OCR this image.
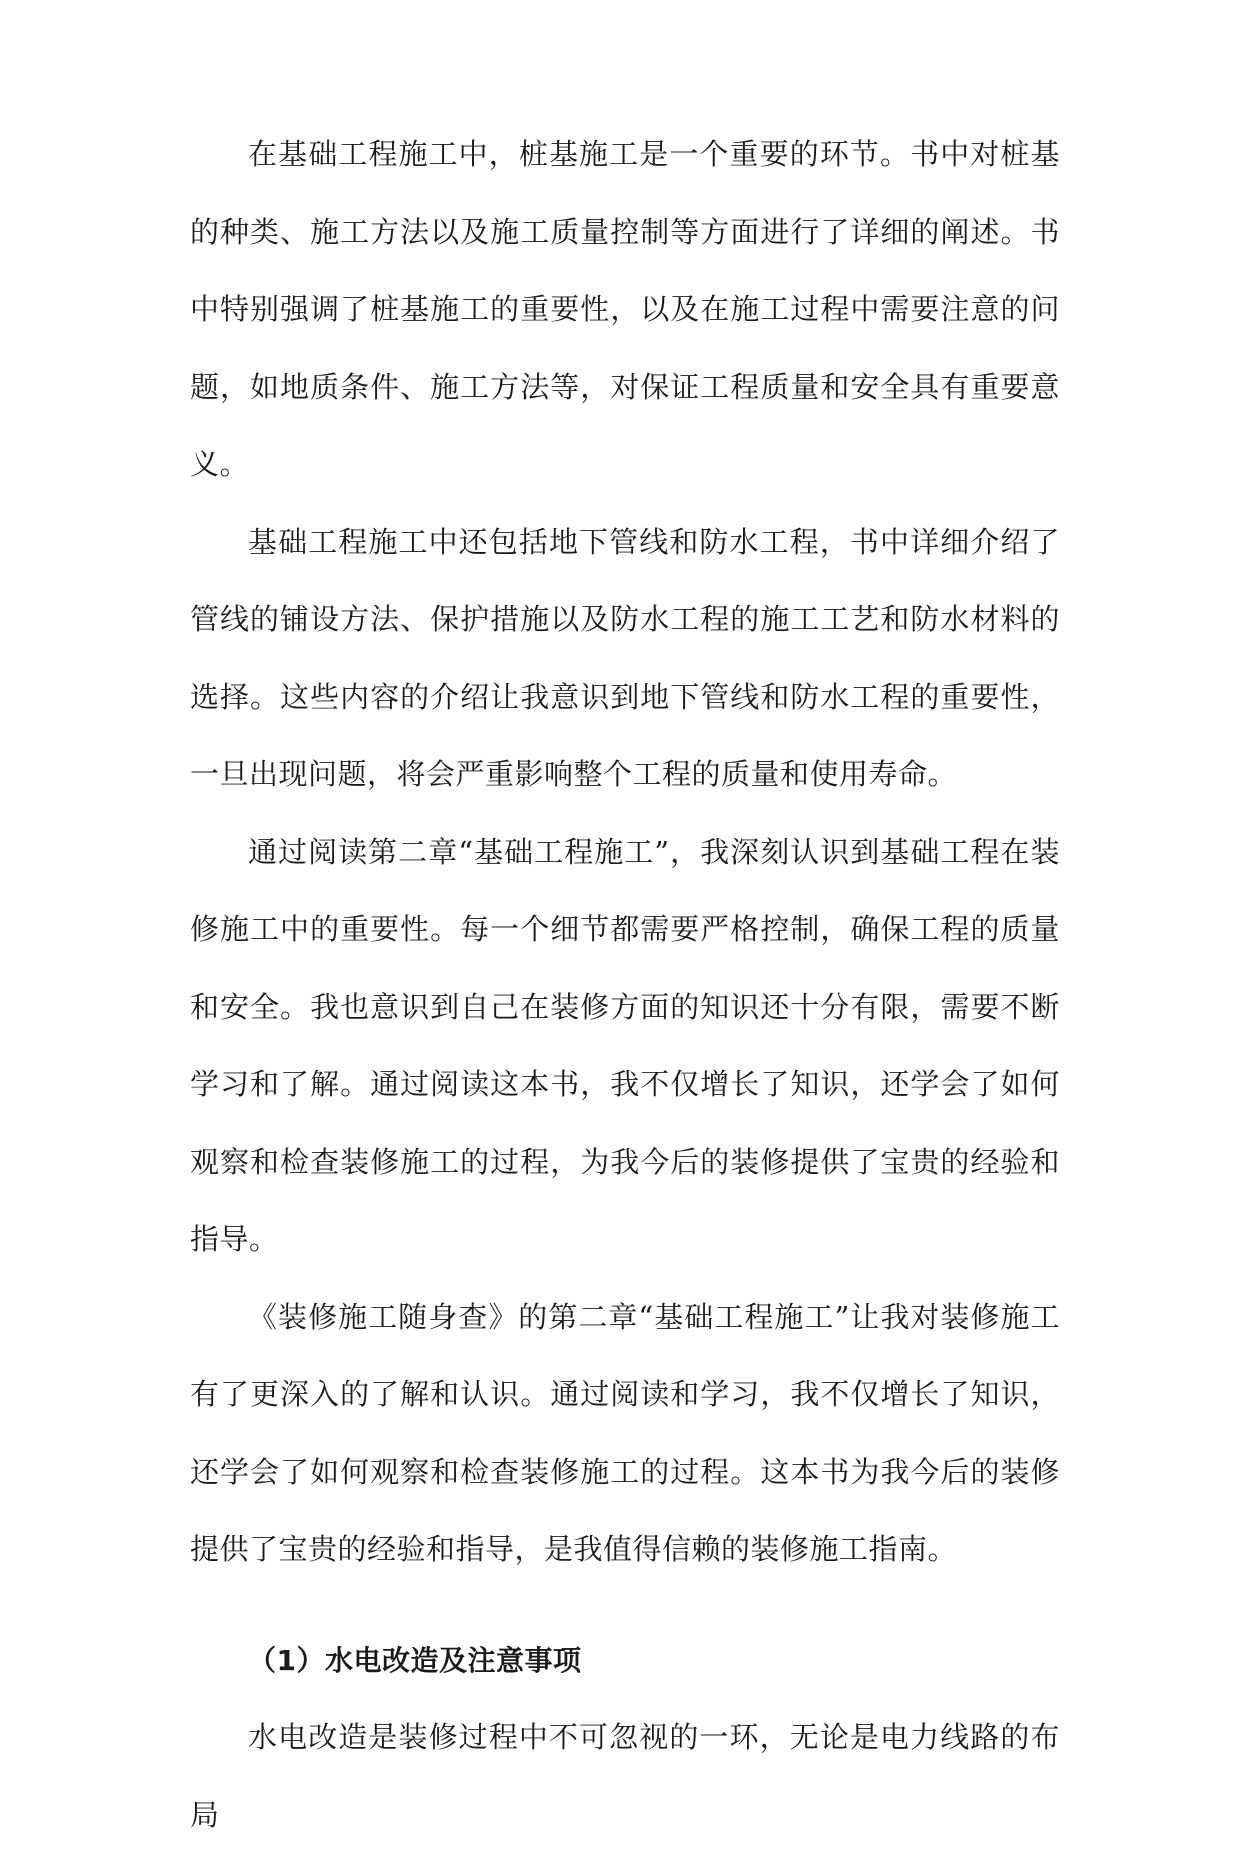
在基础工程施工中，桩基施工是一个重要的环节。书中对桩基的种类、施工方法以及施工质量控制等方面进行了详细的阐述。书中特别强调了桩基施工的重要性，以及在施工过程中需要注意的问题，如地质条件、施工方法等，对保证工程质量和安全具有重要意义。

基础工程施工中还包括地下管线和防水工程，书中详细介绍了管线的铺设方法、保护措施以及防水工程的施工工艺和防水材料的选择。这些内容的介绍让我意识到地下管线和防水工程的重要性，一旦出现问题，将会严重影响整个工程的质量和使用寿命。

通过阅读第二章“基础工程施工”，我深刻认识到基础工程在装修施工中的重要性。每一个细节都需要严格控制，确保工程的质量和安全。我也意识到自己在装修方面的知识还十分有限，需要不断学习和了解。通过阅读这本书，我不仅增长了知识，还学会了如何观察和检查装修施工的过程，为我今后的装修提供了宝贵的经验和指导。

《装修施工随身查》的第二章“基础工程施工”让我对装修施工有了更深入的了解和认识。通过阅读和学习，我不仅增长了知识，还学会了如何观察和检查装修施工的过程。这本书为我今后的装修提供了宝贵的经验和指导，是我值得信赖的装修施工指南。

（1）水电改造及注意事项

水电改造是装修过程中不可忽视的一环，无论是电力线路的布局
